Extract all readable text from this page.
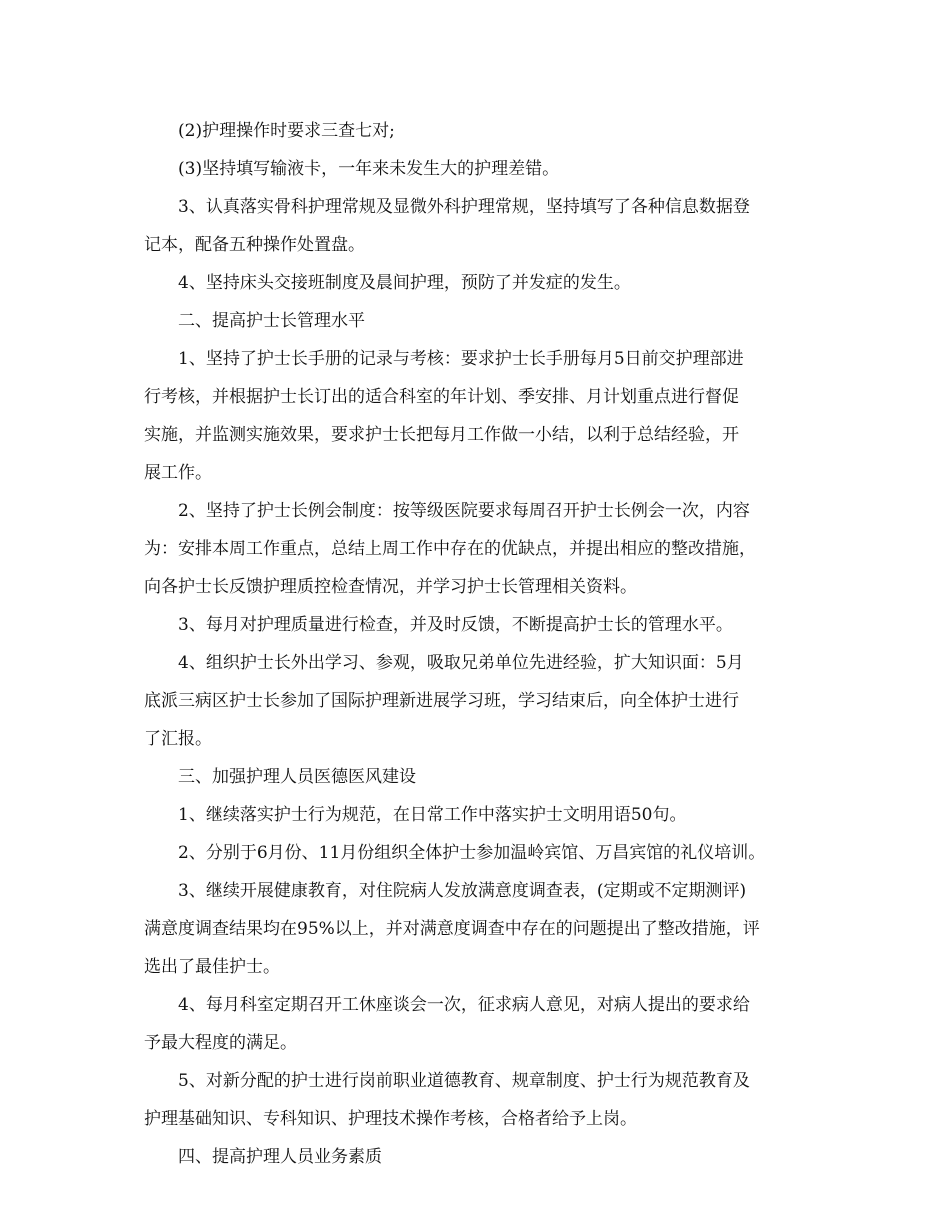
(2)护理操作时要求三查七对;
(3)坚持填写输液卡，一年来未发生大的护理差错。
3、认真落实骨科护理常规及显微外科护理常规，坚持填写了各种信息数据登
记本，配备五种操作处置盘。
4、坚持床头交接班制度及晨间护理，预防了并发症的发生。
二、提高护士长管理水平
1、坚持了护士长手册的记录与考核：要求护士长手册每月5日前交护理部进
行考核，并根据护士长订出的适合科室的年计划、季安排、月计划重点进行督促
实施，并监测实施效果，要求护士长把每月工作做一小结，以利于总结经验，开
展工作。
2、坚持了护士长例会制度：按等级医院要求每周召开护士长例会一次，内容
为：安排本周工作重点，总结上周工作中存在的优缺点，并提出相应的整改措施，
向各护士长反馈护理质控检查情况，并学习护士长管理相关资料。
3、每月对护理质量进行检查，并及时反馈，不断提高护士长的管理水平。
4、组织护士长外出学习、参观，吸取兄弟单位先进经验，扩大知识面：5月
底派三病区护士长参加了国际护理新进展学习班，学习结束后，向全体护士进行
了汇报。
三、加强护理人员医德医风建设
1、继续落实护士行为规范，在日常工作中落实护士文明用语50句。
2、分别于6月份、11月份组织全体护士参加温岭宾馆、万昌宾馆的礼仪培训。
3、继续开展健康教育，对住院病人发放满意度调查表，(定期或不定期测评)
满意度调查结果均在95%以上，并对满意度调查中存在的问题提出了整改措施，评
选出了最佳护士。
4、每月科室定期召开工休座谈会一次，征求病人意见，对病人提出的要求给
予最大程度的满足。
5、对新分配的护士进行岗前职业道德教育、规章制度、护士行为规范教育及
护理基础知识、专科知识、护理技术操作考核，合格者给予上岗。
四、提高护理人员业务素质
